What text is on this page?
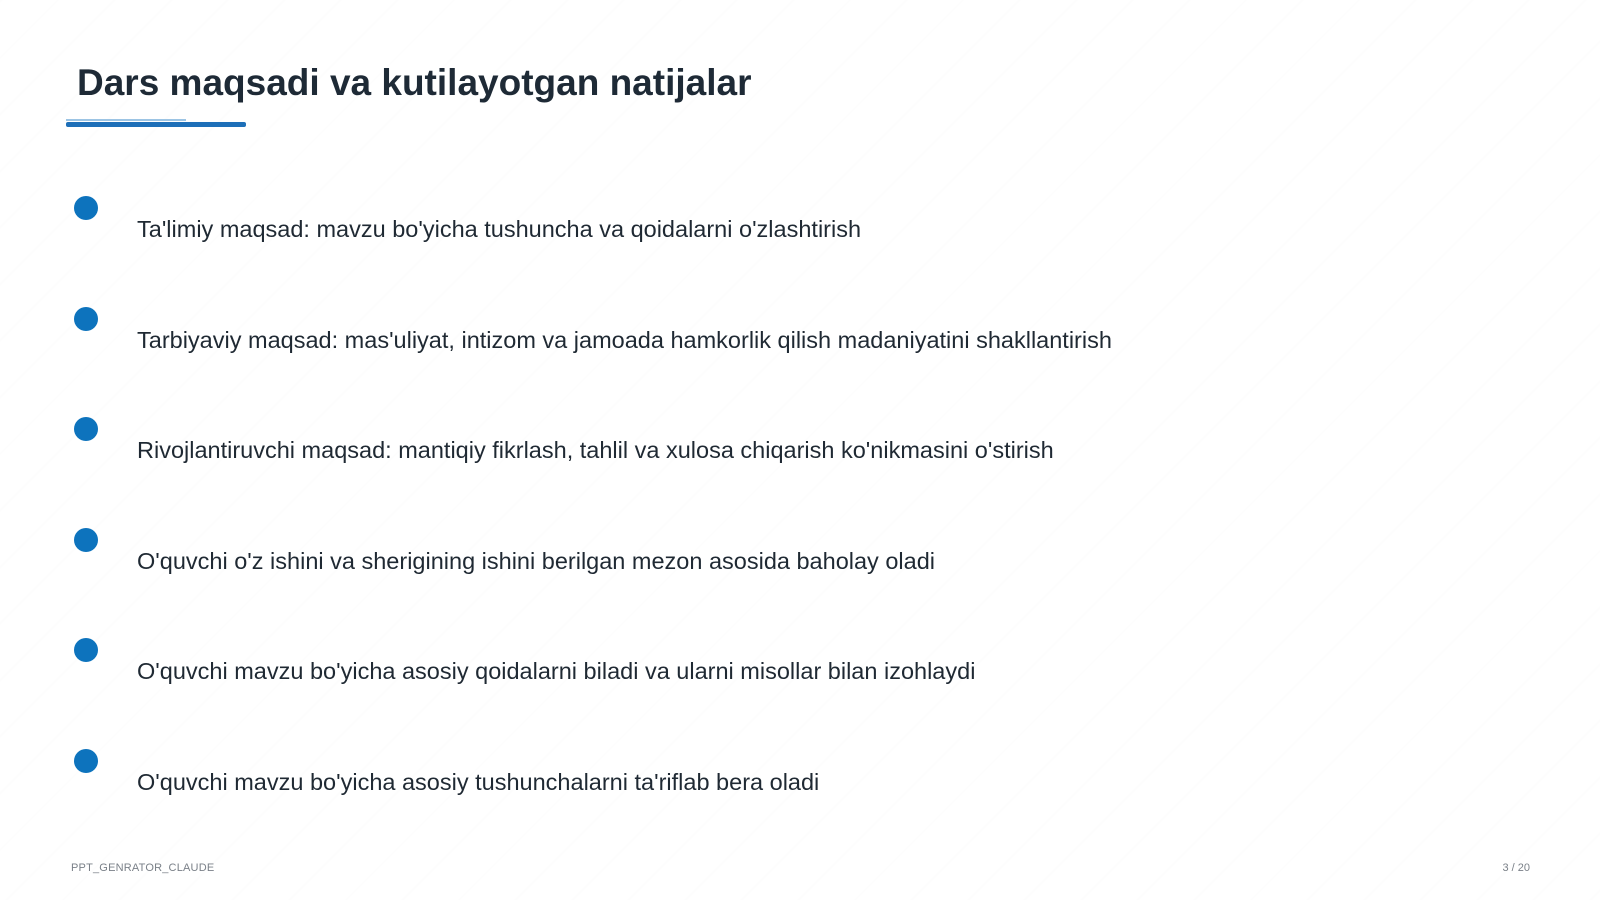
Dars maqsadi va kutilayotgan natijalar
Ta'limiy maqsad: mavzu bo'yicha tushuncha va qoidalarni o'zlashtirish
Tarbiyaviy maqsad: mas'uliyat, intizom va jamoada hamkorlik qilish madaniyatini shakllantirish
Rivojlantiruvchi maqsad: mantiqiy fikrlash, tahlil va xulosa chiqarish ko'nikmasini o'stirish
O'quvchi o'z ishini va sherigining ishini berilgan mezon asosida baholay oladi
O'quvchi mavzu bo'yicha asosiy qoidalarni biladi va ularni misollar bilan izohlaydi
O'quvchi mavzu bo'yicha asosiy tushunchalarni ta'riflab bera oladi
PPT_GENRATOR_CLAUDE	3 / 20
